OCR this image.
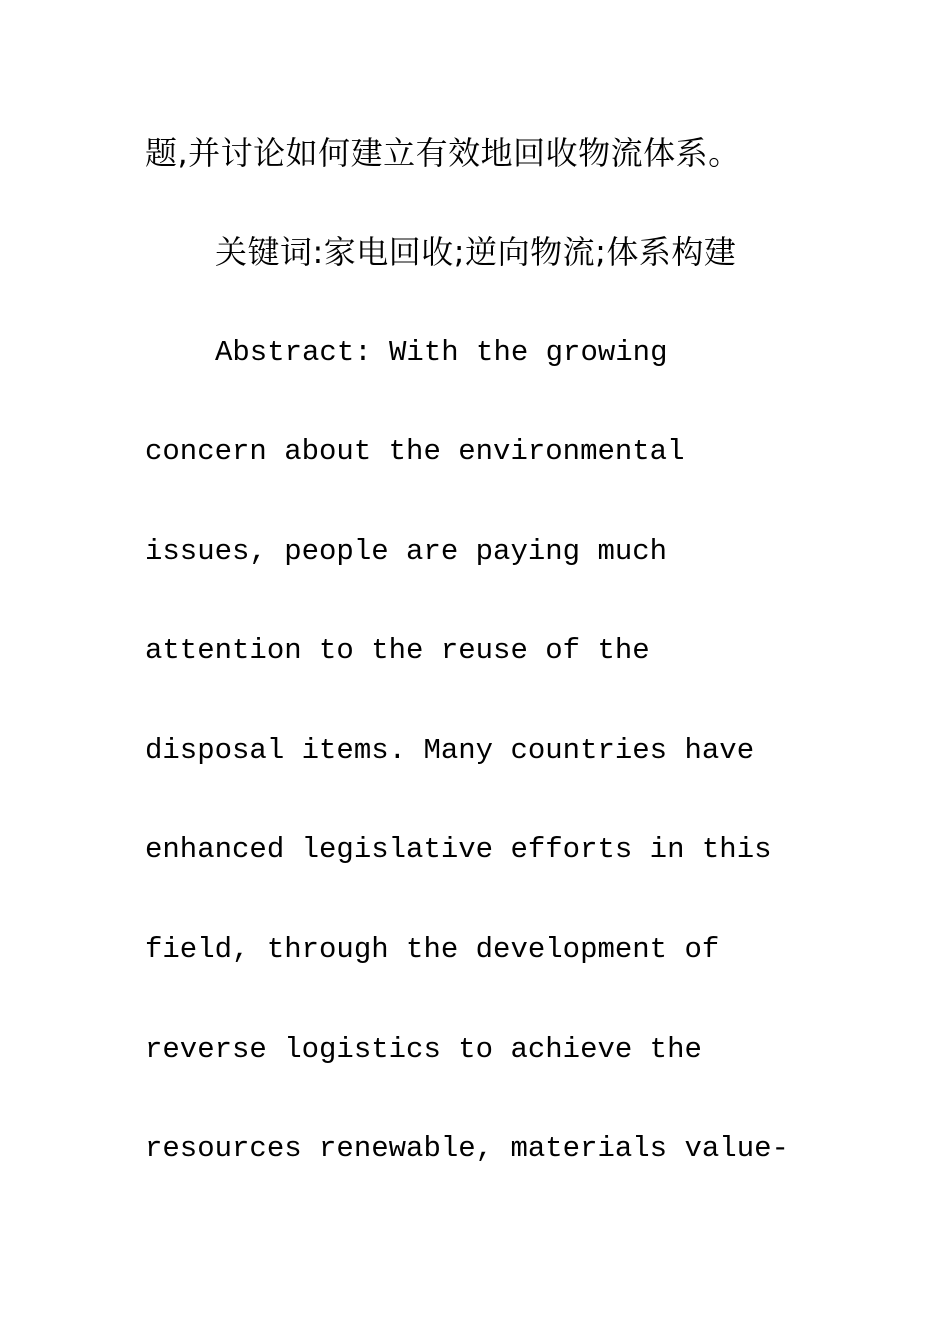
题,并讨论如何建立有效地回收物流体系。
关键词:家电回收;逆向物流;体系构建
Abstract: With the growing
concern about the environmental
issues, people are paying much
attention to the reuse of the
disposal items. Many countries have
enhanced legislative efforts in this
field, through the development of
reverse logistics to achieve the
resources renewable, materials value-
